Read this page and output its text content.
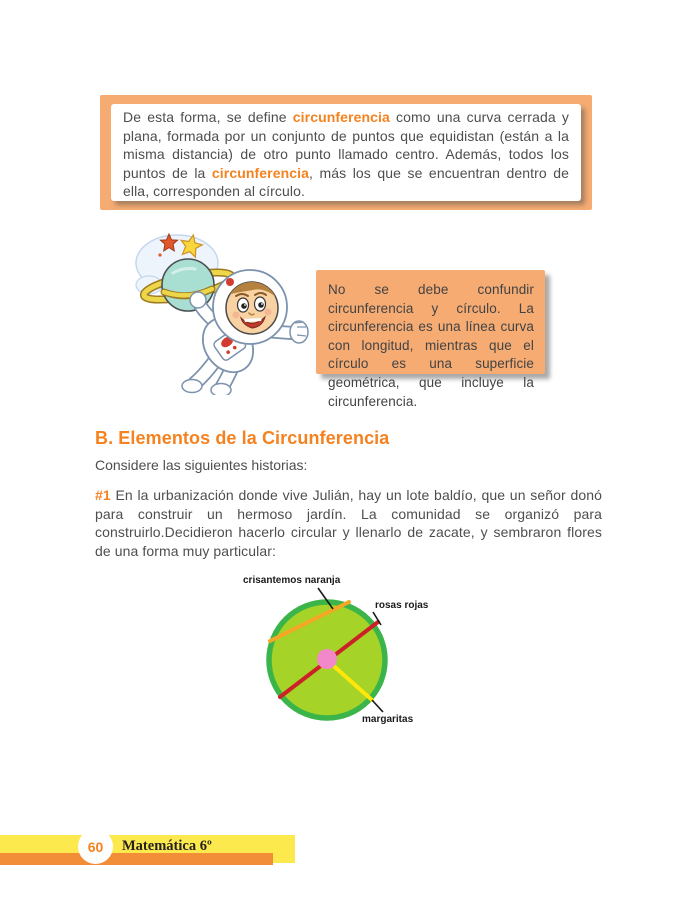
De esta forma, se define circunferencia como una curva cerrada y plana, formada por un conjunto de puntos que equidistan (están a la misma distancia) de otro punto llamado centro. Además, todos los puntos de la circunferencia, más los que se encuentran dentro de ella, corresponden al círculo.

No se debe confundir circunferencia y círculo. La circunferencia es una línea curva con longitud, mientras que el círculo es una superficie geométrica, que incluye la circunferencia.

B. Elementos de la Circunferencia

Considere las siguientes historias:

#1 En la urbanización donde vive Julián, hay un lote baldío, que un señor donó para construir un hermoso jardín. La comunidad se organizó para construirlo.Decidieron hacerlo circular y llenarlo de zacate, y sembraron flores de una forma muy particular:

crisantemos naranja
rosas rojas
margaritas
60 Matemática 6º
